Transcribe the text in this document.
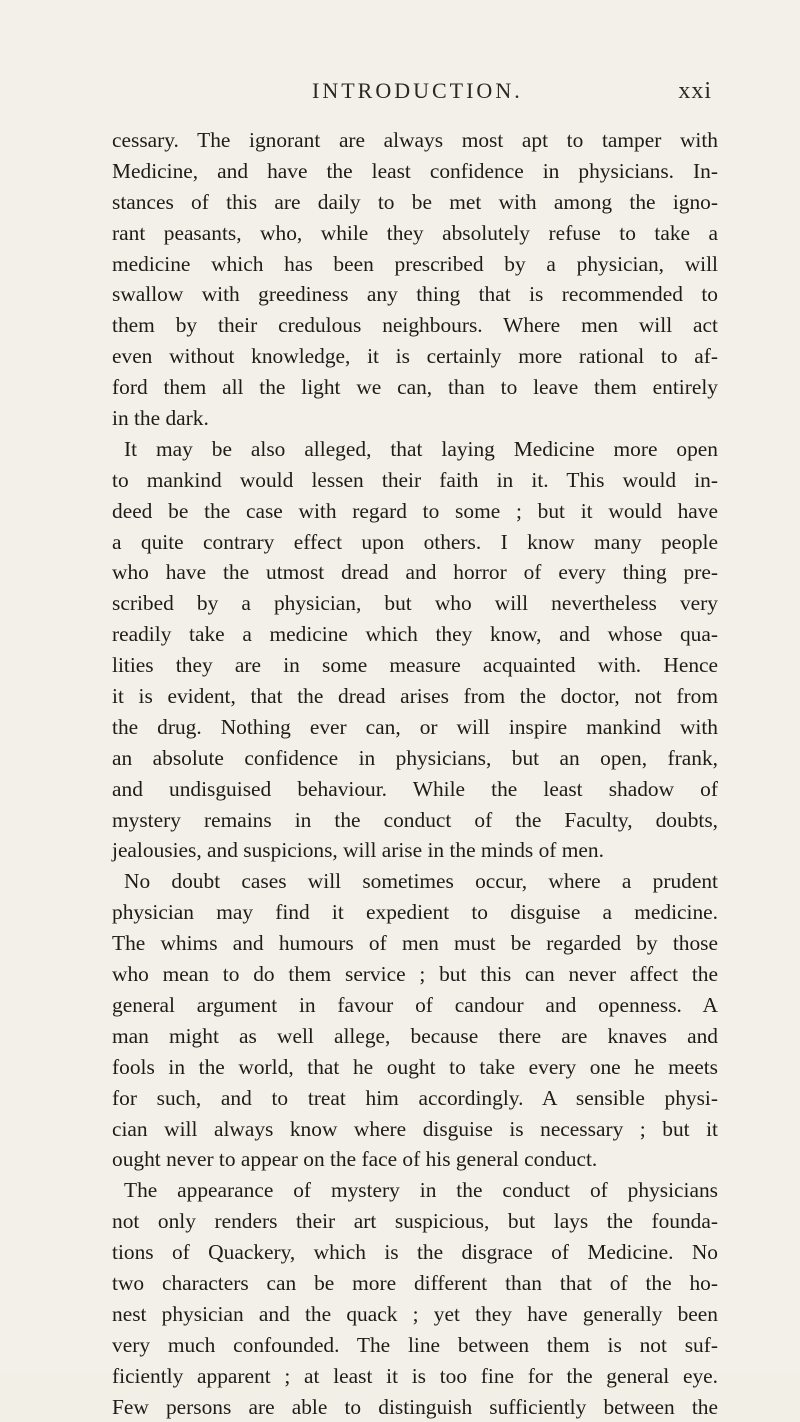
INTRODUCTION.	xxi
cessary. The ignorant are always most apt to tamper with
Medicine, and have the least confidence in physicians. In-
stances of this are daily to be met with among the igno-
rant peasants, who, while they absolutely refuse to take a
medicine which has been prescribed by a physician, will
swallow with greediness any thing that is recommended to
them by their credulous neighbours. Where men will act
even without knowledge, it is certainly more rational to af-
ford them all the light we can, than to leave them entirely
in the dark.
It may be also alleged, that laying Medicine more open
to mankind would lessen their faith in it. This would in-
deed be the case with regard to some ; but it would have
a quite contrary effect upon others. I know many people
who have the utmost dread and horror of every thing pre-
scribed by a physician, but who will nevertheless very
readily take a medicine which they know, and whose qua-
lities they are in some measure acquainted with. Hence
it is evident, that the dread arises from the doctor, not from
the drug. Nothing ever can, or will inspire mankind with
an absolute confidence in physicians, but an open, frank,
and undisguised behaviour. While the least shadow of
mystery remains in the conduct of the Faculty, doubts,
jealousies, and suspicions, will arise in the minds of men.
No doubt cases will sometimes occur, where a prudent
physician may find it expedient to disguise a medicine.
The whims and humours of men must be regarded by those
who mean to do them service ; but this can never affect the
general argument in favour of candour and openness. A
man might as well allege, because there are knaves and
fools in the world, that he ought to take every one he meets
for such, and to treat him accordingly. A sensible physi-
cian will always know where disguise is necessary ; but it
ought never to appear on the face of his general conduct.
The appearance of mystery in the conduct of physicians
not only renders their art suspicious, but lays the founda-
tions of Quackery, which is the disgrace of Medicine. No
two characters can be more different than that of the ho-
nest physician and the quack ; yet they have generally been
very much confounded. The line between them is not suf-
ficiently apparent ; at least it is too fine for the general eye.
Few persons are able to distinguish sufficiently between the
